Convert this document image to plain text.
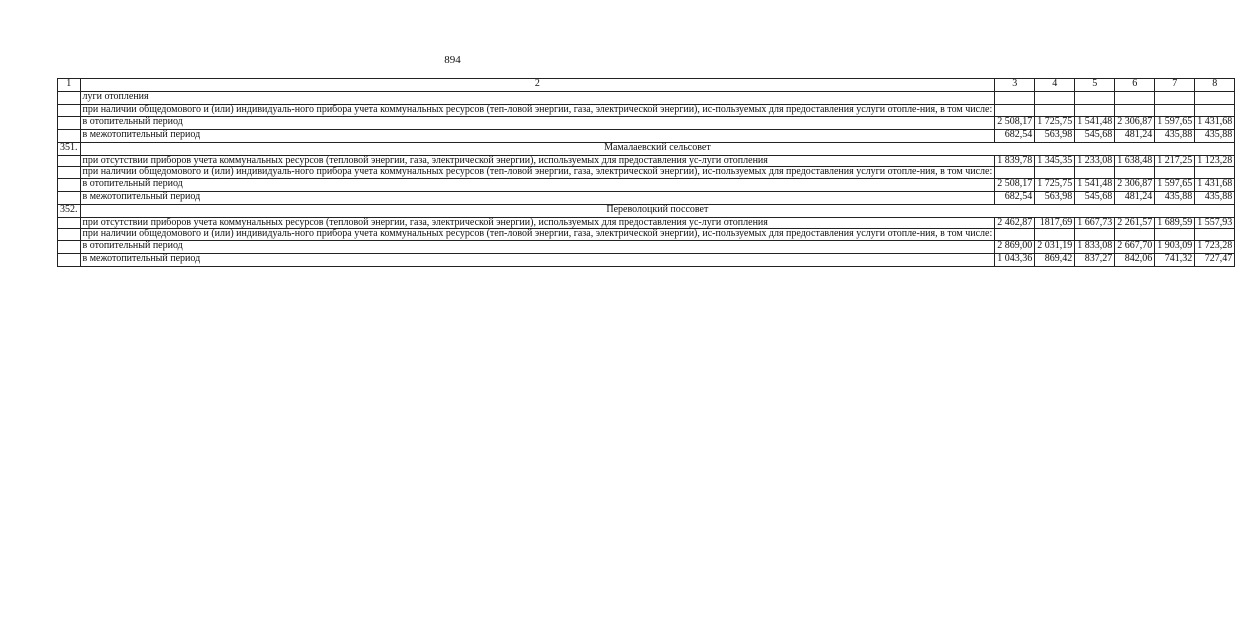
894
1	2	3	4	5	6	7	8
	луги отопления						
	при наличии общедомового и (или) индивидуаль-ного прибора учета коммунальных ресурсов (теп-ловой энергии, газа, электрической энергии), ис-пользуемых для предоставления услуги отопле-ния, в том числе:						
	в отопительный период	2 508,17	1 725,75	1 541,48	2 306,87	1 597,65	1 431,68
	в межотопительный период	682,54	563,98	545,68	481,24	435,88	435,88
351.	Мамалаевский сельсовет						
	при отсутствии приборов учета коммунальных ресурсов (тепловой энергии, газа, электрической энергии), используемых для предоставления ус-луги отопления	1 839,78	1 345,35	1 233,08	1 638,48	1 217,25	1 123,28
	при наличии общедомового и (или) индивидуаль-ного прибора учета коммунальных ресурсов (теп-ловой энергии, газа, электрической энергии), ис-пользуемых для предоставления услуги отопле-ния, в том числе:						
	в отопительный период	2 508,17	1 725,75	1 541,48	2 306,87	1 597,65	1 431,68
	в межотопительный период	682,54	563,98	545,68	481,24	435,88	435,88
352.	Переволоцкий поссовет						
	при отсутствии приборов учета коммунальных ресурсов (тепловой энергии, газа, электрической энергии), используемых для предоставления ус-луги отопления	2 462,87	1817,69	1 667,73	2 261,57	1 689,59	1 557,93
	при наличии общедомового и (или) индивидуаль-ного прибора учета коммунальных ресурсов (теп-ловой энергии, газа, электрической энергии), ис-пользуемых для предоставления услуги отопле-ния, в том числе:						
	в отопительный период	2 869,00	2 031,19	1 833,08	2 667,70	1 903,09	1 723,28
	в межотопительный период	1 043,36	869,42	837,27	842,06	741,32	727,47
